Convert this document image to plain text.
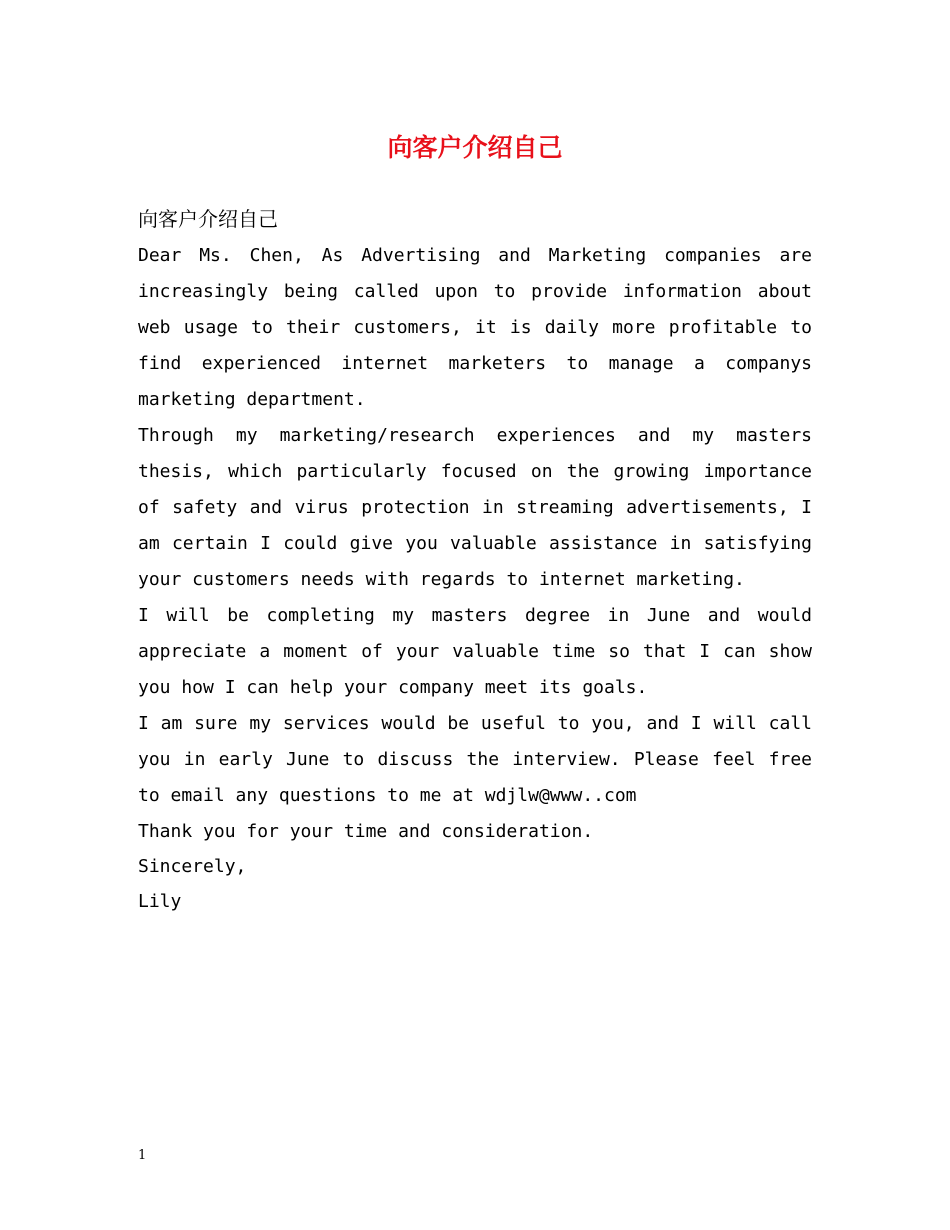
向客户介绍自己

向客户介绍自己

Dear Ms. Chen, As Advertising and Marketing companies are increasingly being called upon to provide information about web usage to their customers, it is daily more profitable to find experienced internet marketers to manage a companys marketing department.

Through my marketing/research experiences and my masters thesis, which particularly focused on the growing importance of safety and virus protection in streaming advertisements, I am certain I could give you valuable assistance in satisfying your customers needs with regards to internet marketing.

I will be completing my masters degree in June and would appreciate a moment of your valuable time so that I can show you how I can help your company meet its goals.

I am sure my services would be useful to you, and I will call you in early June to discuss the interview. Please feel free to email any questions to me at wdjlw@www..com

Thank you for your time and consideration.

Sincerely,

Lily

1
